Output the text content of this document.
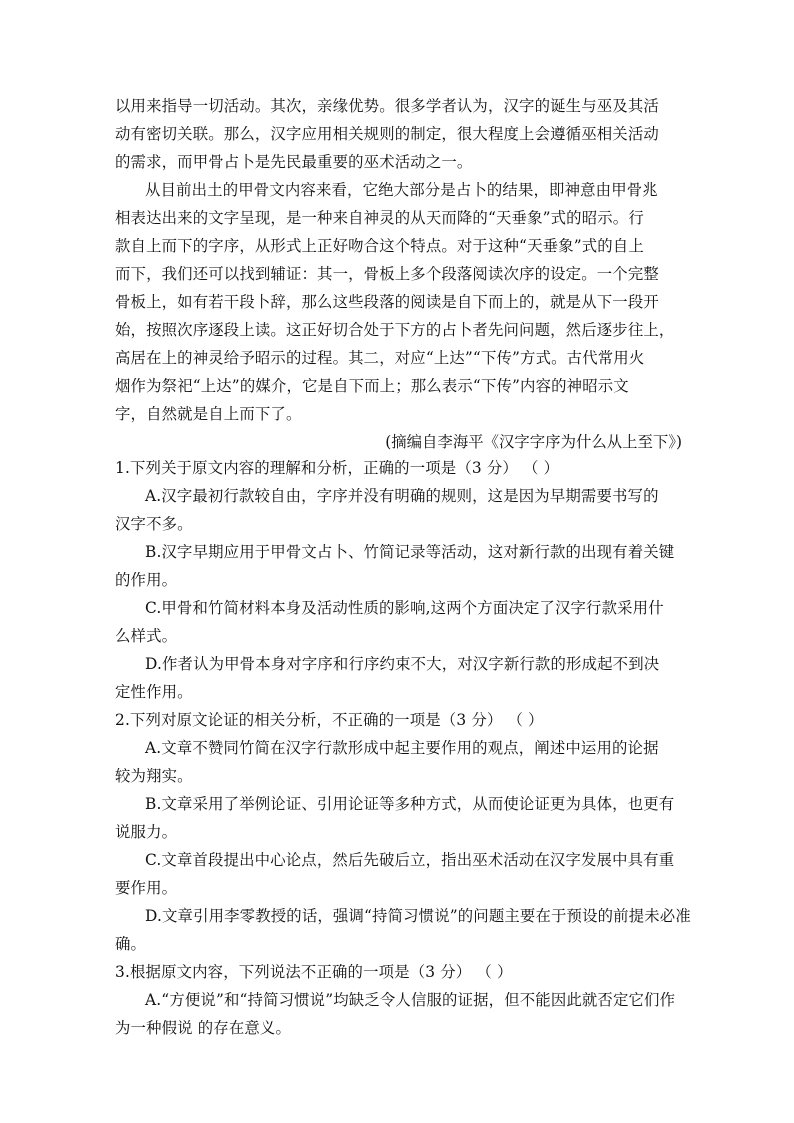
以用来指导一切活动。其次，亲缘优势。很多学者认为，汉字的诞生与巫及其活
动有密切关联。那么，汉字应用相关规则的制定，很大程度上会遵循巫相关活动
的需求，而甲骨占卜是先民最重要的巫术活动之一。
从目前出土的甲骨文内容来看，它绝大部分是占卜的结果，即神意由甲骨兆
相表达出来的文字呈现，是一种来自神灵的从天而降的“天垂象”式的昭示。行
款自上而下的字序，从形式上正好吻合这个特点。对于这种“天垂象”式的自上
而下，我们还可以找到辅证：其一，骨板上多个段落阅读次序的设定。一个完整
骨板上，如有若干段卜辞，那么这些段落的阅读是自下而上的，就是从下一段开
始，按照次序逐段上读。这正好切合处于下方的占卜者先问问题，然后逐步往上，
高居在上的神灵给予昭示的过程。其二，对应“上达”“下传”方式。古代常用火
烟作为祭祀“上达”的媒介，它是自下而上；那么表示“下传”内容的神昭示文
字，自然就是自上而下了。
(摘编自李海平《汉字字序为什么从上至下》)
1.下列关于原文内容的理解和分析，正确的一项是（3 分） （ ）
A.汉字最初行款较自由，字序并没有明确的规则，这是因为早期需要书写的
汉字不多。
B.汉字早期应用于甲骨文占卜、竹简记录等活动，这对新行款的出现有着关键
的作用。
C.甲骨和竹简材料本身及活动性质的影响,这两个方面决定了汉字行款采用什
么样式。
D.作者认为甲骨本身对字序和行序约束不大，对汉字新行款的形成起不到决
定性作用。
2.下列对原文论证的相关分析，不正确的一项是（3 分） （ ）
A.文章不赞同竹简在汉字行款形成中起主要作用的观点，阐述中运用的论据
较为翔实。
B.文章采用了举例论证、引用论证等多种方式，从而使论证更为具体，也更有
说服力。
C.文章首段提出中心论点，然后先破后立，指出巫术活动在汉字发展中具有重
要作用。
D.文章引用李零教授的话，强调“持简习惯说”的问题主要在于预设的前提未必准
确。
3.根据原文内容，下列说法不正确的一项是（3 分） （ ）
A.“方便说”和“持简习惯说”均缺乏令人信服的证据，但不能因此就否定它们作
为一种假说 的存在意义。
